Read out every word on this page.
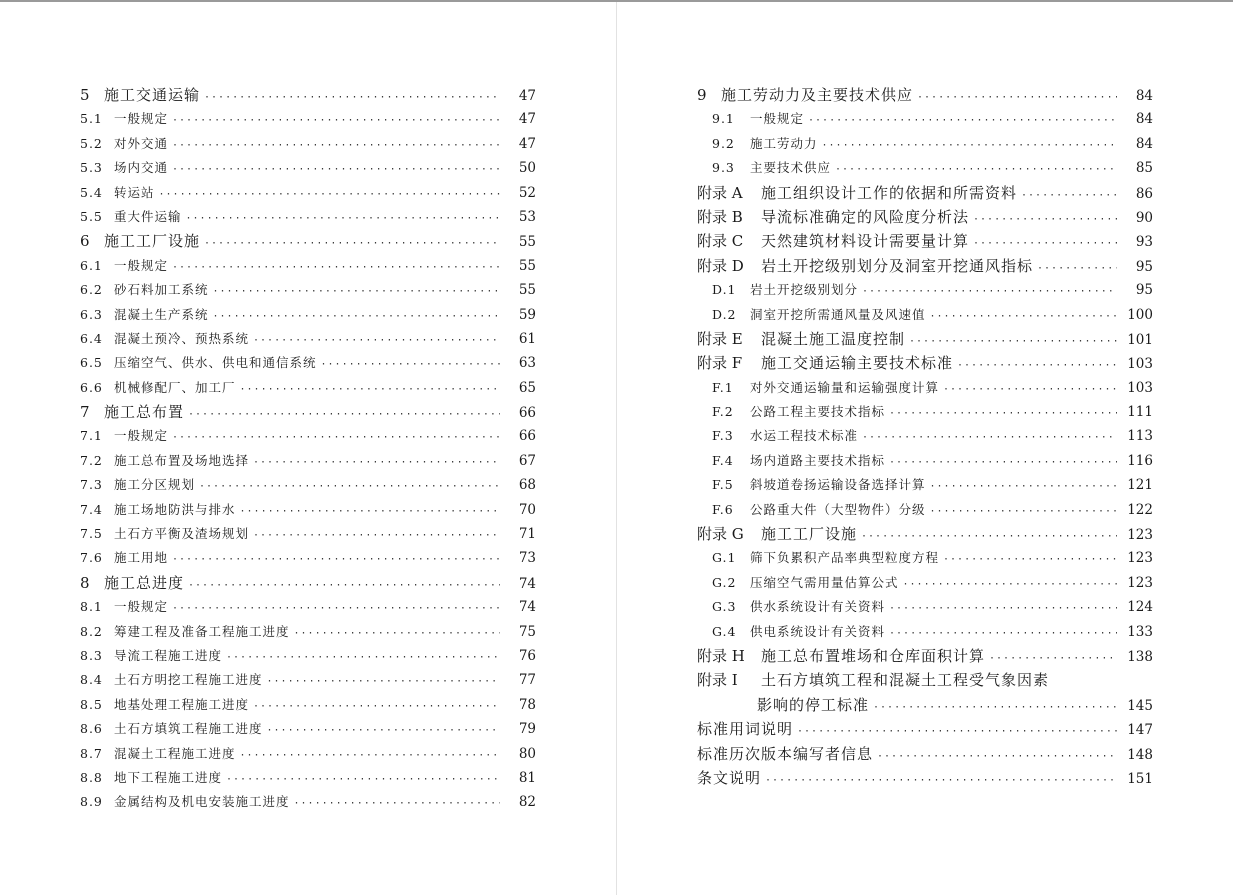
5 施工交通运输 ·····	47
5.1 一般规定 ·····	47
5.2 对外交通 ·····	47
5.3 场内交通 ·····	50
5.4 转运站 ·····	52
5.5 重大件运输 ·····	53
6 施工工厂设施 ·····	55
6.1 一般规定 ·····	55
6.2 砂石料加工系统 ·····	55
6.3 混凝土生产系统 ·····	59
6.4 混凝土预冷、预热系统 ·····	61
6.5 压缩空气、供水、供电和通信系统 ·····	63
6.6 机械修配厂、加工厂 ·····	65
7 施工总布置 ·····	66
7.1 一般规定 ·····	66
7.2 施工总布置及场地选择 ·····	67
7.3 施工分区规划 ·····	68
7.4 施工场地防洪与排水 ·····	70
7.5 土石方平衡及渣场规划 ·····	71
7.6 施工用地 ·····	73
8 施工总进度 ·····	74
8.1 一般规定 ·····	74
8.2 筹建工程及准备工程施工进度 ·····	75
8.3 导流工程施工进度 ·····	76
8.4 土石方明挖工程施工进度 ·····	77
8.5 地基处理工程施工进度 ·····	78
8.6 土石方填筑工程施工进度 ·····	79
8.7 混凝土工程施工进度 ·····	80
8.8 地下工程施工进度 ·····	81
8.9 金属结构及机电安装施工进度 ·····	82
9 施工劳动力及主要技术供应 ·····	84
9.1	一般规定 ·····	84
9.2	施工劳动力 ·····	84
9.3	主要技术供应 ·····	85
附录 A	施工组织设计工作的依据和所需资料 ·····	86
附录 B	导流标准确定的风险度分析法 ·····	90
附录 C	天然建筑材料设计需要量计算 ·····	93
附录 D	岩土开挖级别划分及洞室开挖通风指标 ·····	95
D.1	岩土开挖级别划分 ·····	95
D.2	洞室开挖所需通风量及风速值 ·····	100
附录 E	混凝土施工温度控制 ·····	101
附录 F	施工交通运输主要技术标准 ·····	103
F.1	对外交通运输量和运输强度计算 ·····	103
F.2	公路工程主要技术指标 ·····	111
F.3	水运工程技术标准 ·····	113
F.4	场内道路主要技术指标 ·····	116
F.5	斜坡道卷扬运输设备选择计算 ·····	121
F.6	公路重大件（大型物件）分级 ·····	122
附录 G	施工工厂设施 ·····	123
G.1	筛下负累积产品率典型粒度方程 ·····	123
G.2	压缩空气需用量估算公式 ·····	123
G.3	供水系统设计有关资料 ·····	124
G.4	供电系统设计有关资料 ·····	133
附录 H	施工总布置堆场和仓库面积计算 ·····	138
附录 I	土石方填筑工程和混凝土工程受气象因素
影响的停工标准 ·····	145
标准用词说明 ·····	147
标准历次版本编写者信息 ·····	148
条文说明 ·····	151
